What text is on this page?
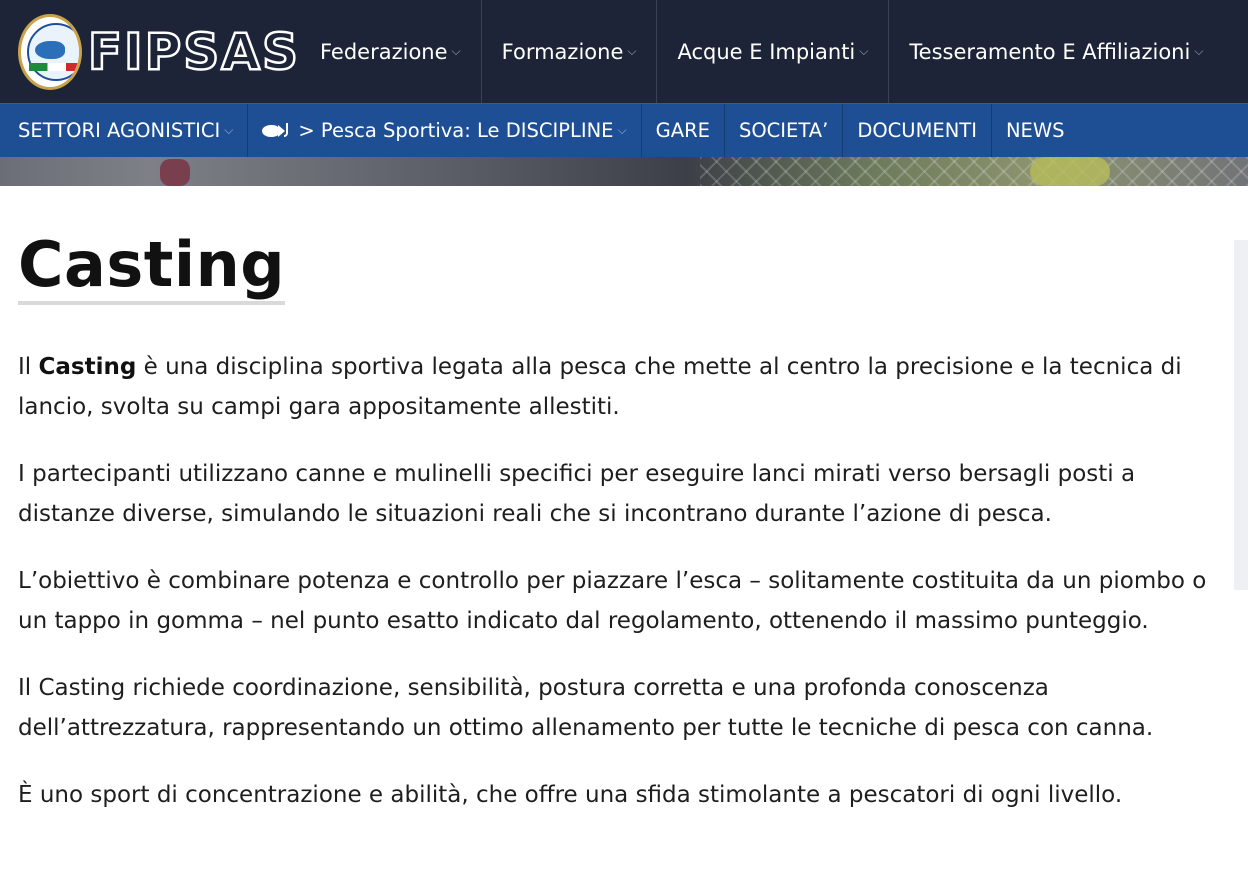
FIPSAS Federazione ⌵ Formazione ⌵ Acque E Impianti ⌵ Tesseramento E Affiliazioni ⌵
SETTORI AGONISTICI ⌵	> Pesca Sportiva: Le DISCIPLINE ⌵ GARE SOCIETA’ DOCUMENTI NEWS
Casting

Il Casting è una disciplina sportiva legata alla pesca che mette al centro la precisione e la tecnica di lancio, svolta su campi gara appositamente allestiti.

I partecipanti utilizzano canne e mulinelli specifici per eseguire lanci mirati verso bersagli posti a distanze diverse, simulando le situazioni reali che si incontrano durante l’azione di pesca.

L’obiettivo è combinare potenza e controllo per piazzare l’esca – solitamente costituita da un piombo o un tappo in gomma – nel punto esatto indicato dal regolamento, ottenendo il massimo punteggio.

Il Casting richiede coordinazione, sensibilità, postura corretta e una profonda conoscenza dell’attrezzatura, rappresentando un ottimo allenamento per tutte le tecniche di pesca con canna.

È uno sport di concentrazione e abilità, che offre una sfida stimolante a pescatori di ogni livello.
